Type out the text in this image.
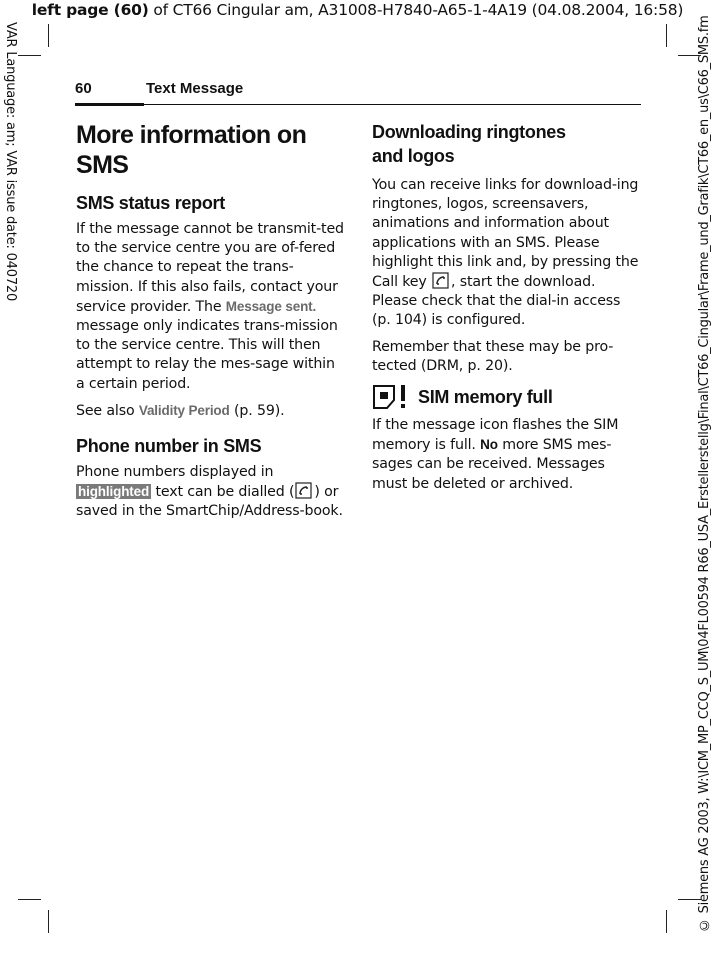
left page (60) of CT66 Cingular am, A31008-H7840-A65-1-4A19 (04.08.2004, 16:58)
VAR Language: am; VAR issue date: 040720	© Siemens AG 2003, W:\ICM_MP_CCQ_S_UM\04FL00594 R66_USA_Erstellerstellg\Final\CT66_Cingular\Frame_und_Grafik\CT66_en_us\C66_SMS.fm
60	Text Message
More information on SMS
SMS status report

If the message cannot be transmit-ted to the service centre you are of-fered the chance to repeat the trans-mission. If this also fails, contact your service provider. The Message sent. message only indicates trans-mission to the service centre. This will then attempt to relay the mes-sage within a certain period.

See also Validity Period (p. 59).

Phone number in SMS

Phone numbers displayed in highlighted text can be dialled ( ) or saved in the SmartChip/Address-book.

Downloading ringtones
and logos

You can receive links for download-ing ringtones, logos, screensavers, animations and information about applications with an SMS. Please highlight this link and, by pressing the Call key , start the download. Please check that the dial-in access (p. 104) is configured.

Remember that these may be pro-tected (DRM, p. 20).

SIM memory full

If the message icon flashes the SIM memory is full. No more SMS mes-sages can be received. Messages must be deleted or archived.
